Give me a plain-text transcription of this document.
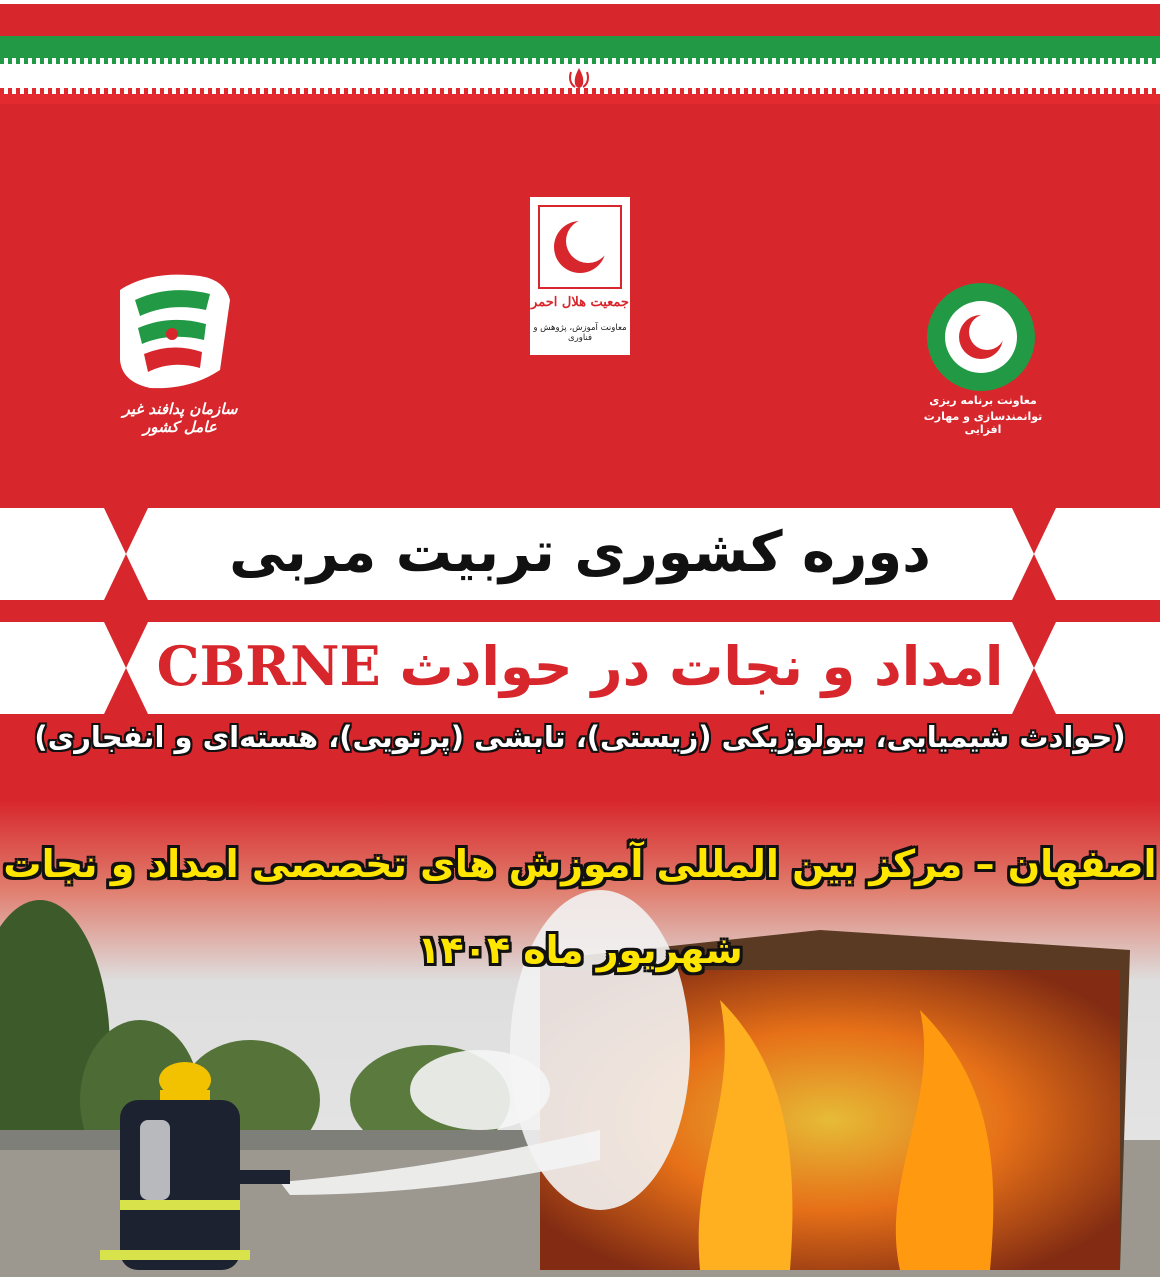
جمعیت هلال احمر
معاونت آموزش، پژوهش و فناوری
معاونت برنامه ریزی
توانمندسازی و مهارت افزایی
سازمان پدافند غیر عامل کشور
دوره کشوری تربیت مربی
امداد و نجات در حوادث CBRNE
(حوادث شیمیایی، بیولوژیکی (زیستی)، تابشی (پرتویی)، هسته‌ای و انفجاری)
اصفهان – مرکز بین المللی آموزش های تخصصی امداد و نجات
شهریور ماه ۱۴۰۴
